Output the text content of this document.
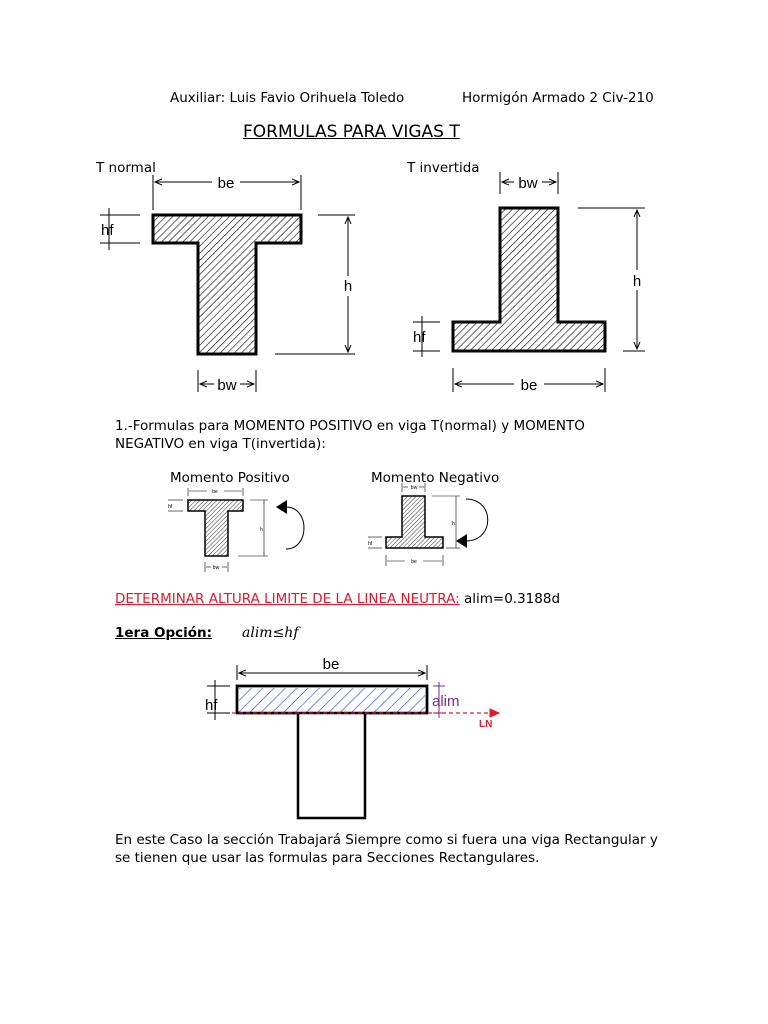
Auxiliar: Luis Favio Orihuela Toledo	Hormigón Armado 2 Civ-210
FORMULAS PARA VIGAS T
T normal	T invertida
be
hf
h
bw
bw
h
hf
be
be
hf
h
bw
bw
h
hf
be
be
hf	alim
LN
1.-Formulas para MOMENTO POSITIVO en viga T(normal) y MOMENTO NEGATIVO en viga T(invertida):
Momento Positivo	Momento Negativo
DETERMINAR ALTURA LIMITE DE LA LINEA NEUTRA: alim=0.3188d
1era Opción: alim≤hf
En este Caso la sección Trabajará Siempre como si fuera una viga Rectangular y se tienen que usar las formulas para Secciones Rectangulares.
